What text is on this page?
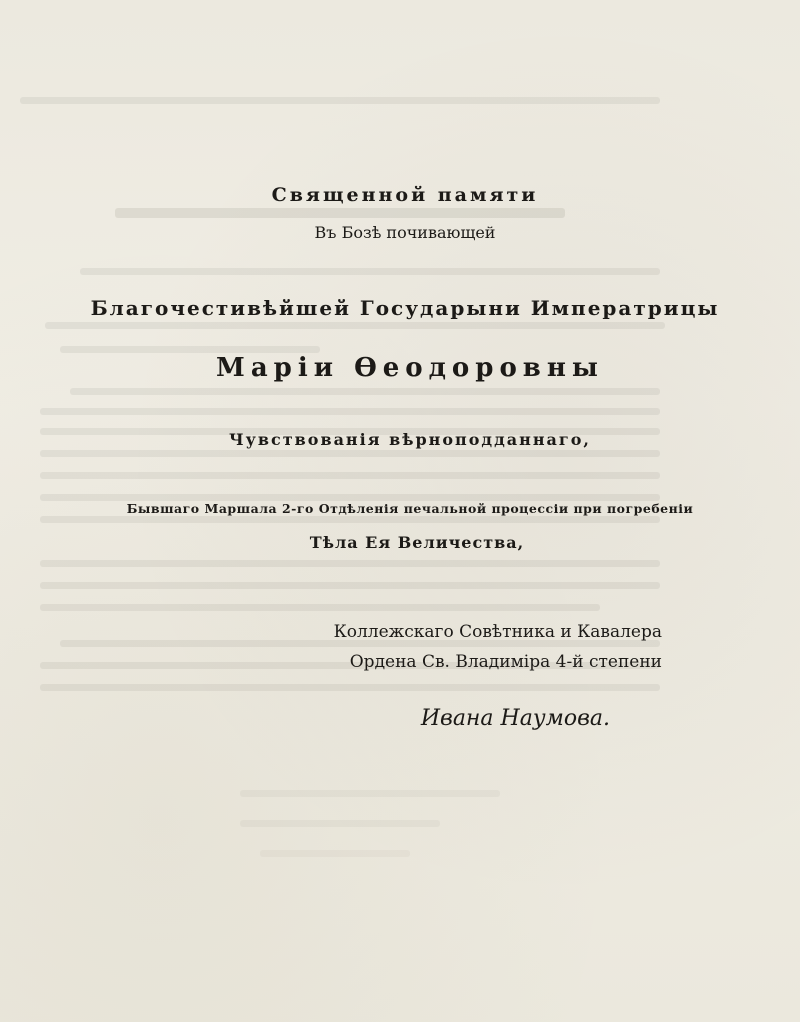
Священной памяти
Въ Бозѣ почивающей
Благочестивѣйшей Государыни Императрицы
Маріи Ѳеодоровны
Чувствованія вѣрноподданнаго,
Бывшаго Маршала 2-го Отдѣленія печальной процессіи при погребеніи
Тѣла Ея Величества,
Коллежскаго Совѣтника и Кавалера
Ордена Св. Владиміра 4-й степени
Ивана Наумова.
